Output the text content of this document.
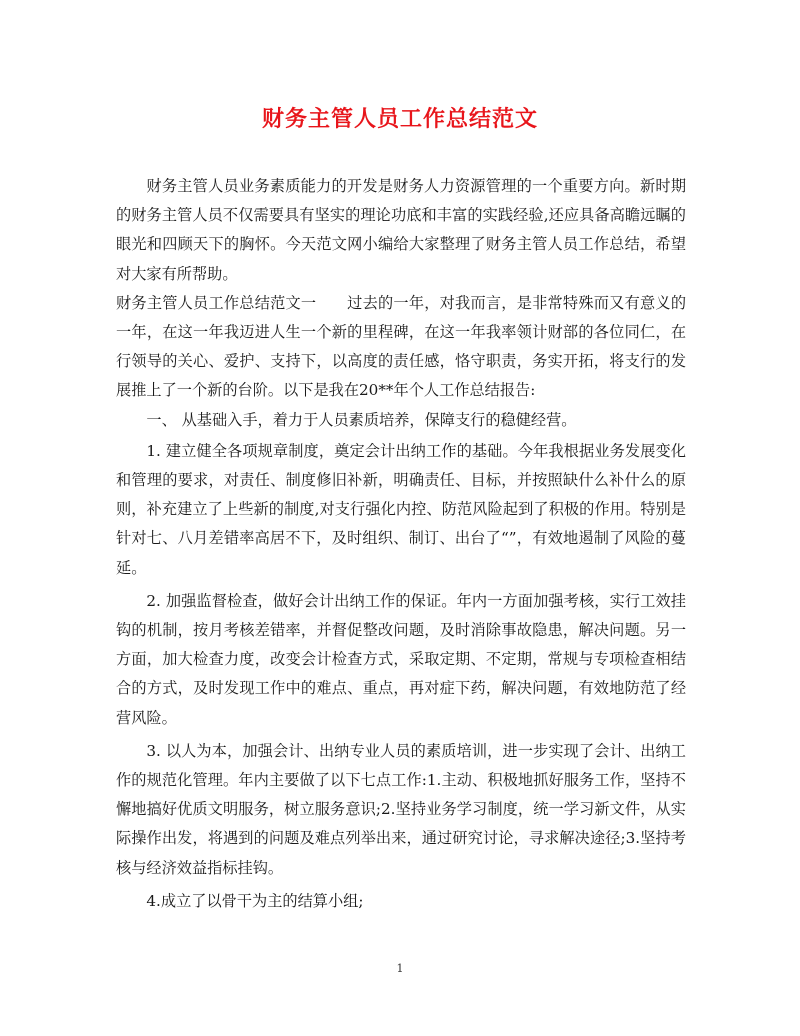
财务主管人员工作总结范文

财务主管人员业务素质能力的开发是财务人力资源管理的一个重要方向。新时期的财务主管人员不仅需要具有坚实的理论功底和丰富的实践经验,还应具备高瞻远瞩的眼光和四顾天下的胸怀。今天范文网小编给大家整理了财务主管人员工作总结，希望对大家有所帮助。

财务主管人员工作总结范文一　　过去的一年，对我而言，是非常特殊而又有意义的一年，在这一年我迈进人生一个新的里程碑，在这一年我率领计财部的各位同仁，在行领导的关心、爱护、支持下，以高度的责任感，恪守职责，务实开拓，将支行的发展推上了一个新的台阶。以下是我在20**年个人工作总结报告:

一、 从基础入手，着力于人员素质培养，保障支行的稳健经营。

1. 建立健全各项规章制度，奠定会计出纳工作的基础。今年我根据业务发展变化和管理的要求，对责任、制度修旧补新，明确责任、目标，并按照缺什么补什么的原则，补充建立了上些新的制度,对支行强化内控、防范风险起到了积极的作用。特别是针对七、八月差错率高居不下，及时组织、制订、出台了“”，有效地遏制了风险的蔓延。

2. 加强监督检查，做好会计出纳工作的保证。年内一方面加强考核，实行工效挂钩的机制，按月考核差错率，并督促整改问题，及时消除事故隐患，解决问题。另一方面，加大检查力度，改变会计检查方式，采取定期、不定期，常规与专项检查相结合的方式，及时发现工作中的难点、重点，再对症下药，解决问题，有效地防范了经营风险。

3. 以人为本，加强会计、出纳专业人员的素质培训，进一步实现了会计、出纳工作的规范化管理。年内主要做了以下七点工作:1.主动、积极地抓好服务工作，坚持不懈地搞好优质文明服务，树立服务意识;2.坚持业务学习制度，统一学习新文件，从实际操作出发，将遇到的问题及难点列举出来，通过研究讨论，寻求解决途径;3.坚持考核与经济效益指标挂钩。

4.成立了以骨干为主的结算小组;

1
